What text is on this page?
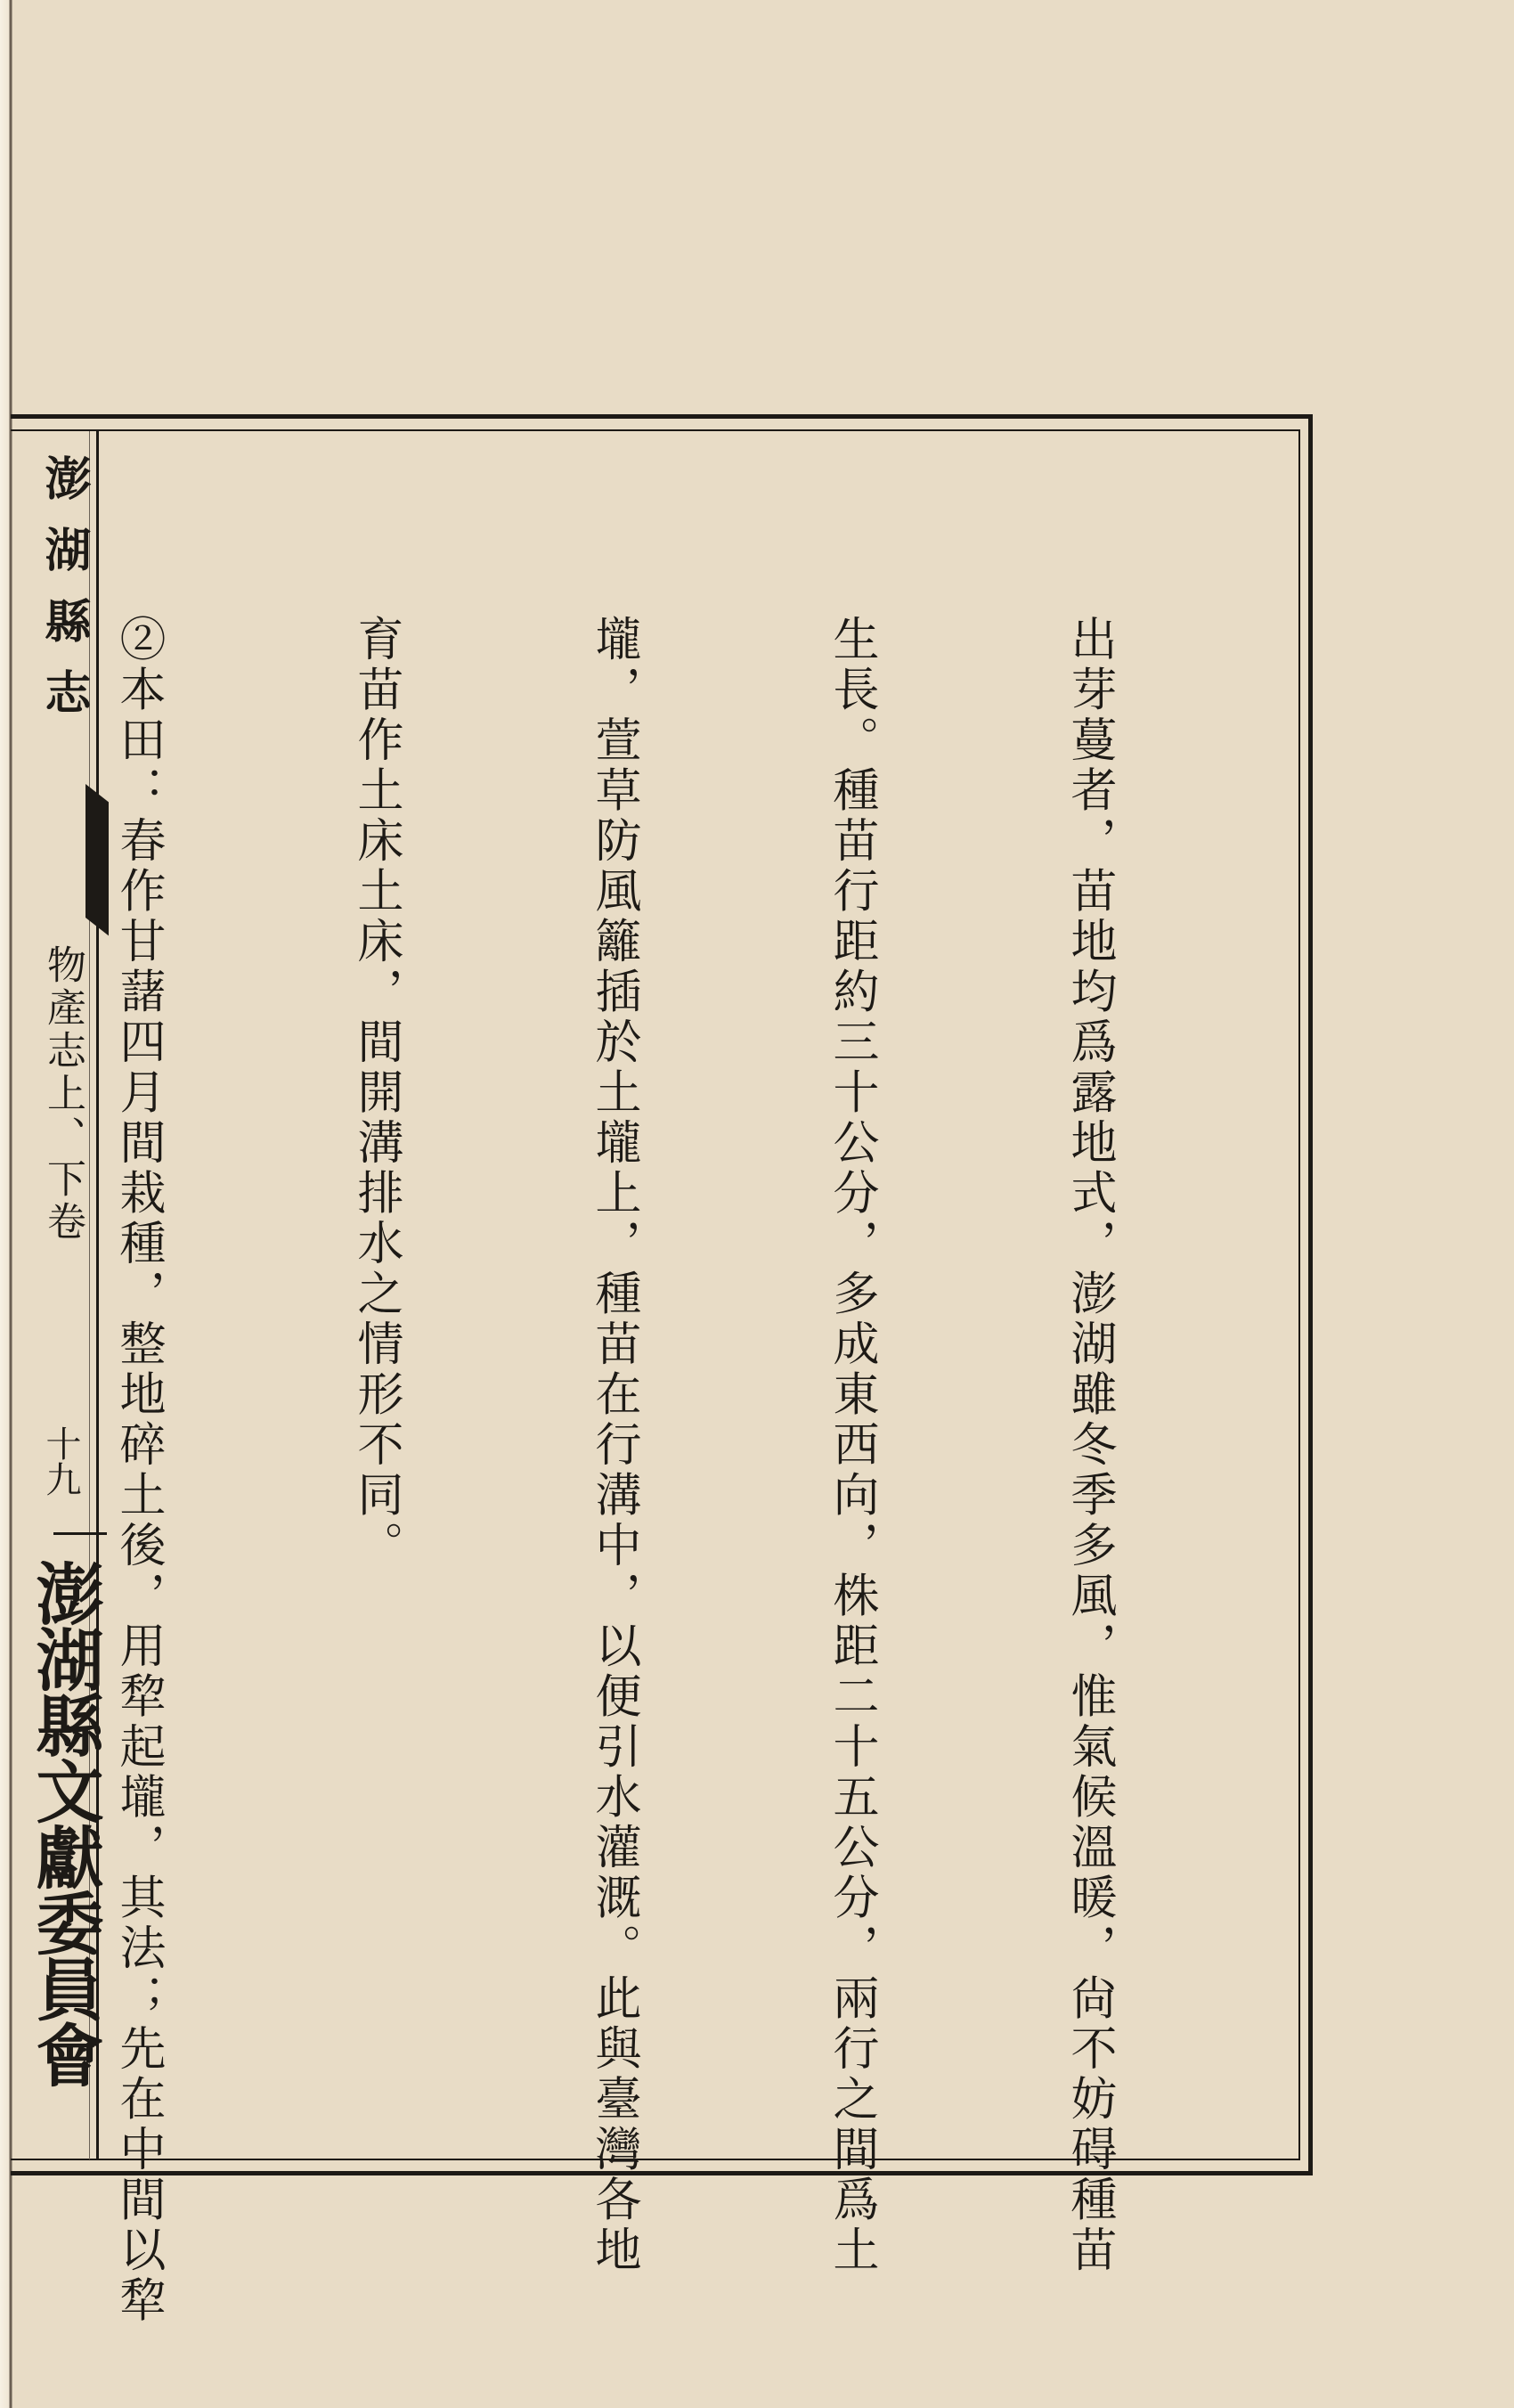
澎湖縣志
物產志上、下卷
十九
澎湖縣文獻委員會

	出芽蔓者，苗地均爲露地式，澎湖雖冬季多風，惟氣候溫暖，尙不妨碍種苗

生長。種苗行距約三十公分，多成東西向，株距二十五公分，兩行之間爲土

壠，萱草防風籬插於土壠上，種苗在行溝中，以便引水灌溉。此與臺灣各地

育苗作土床土床，間開溝排水之情形不同。

②本田：春作甘藷四月間栽種，整地碎土後，用犂起壠，其法；先在中間以犂
